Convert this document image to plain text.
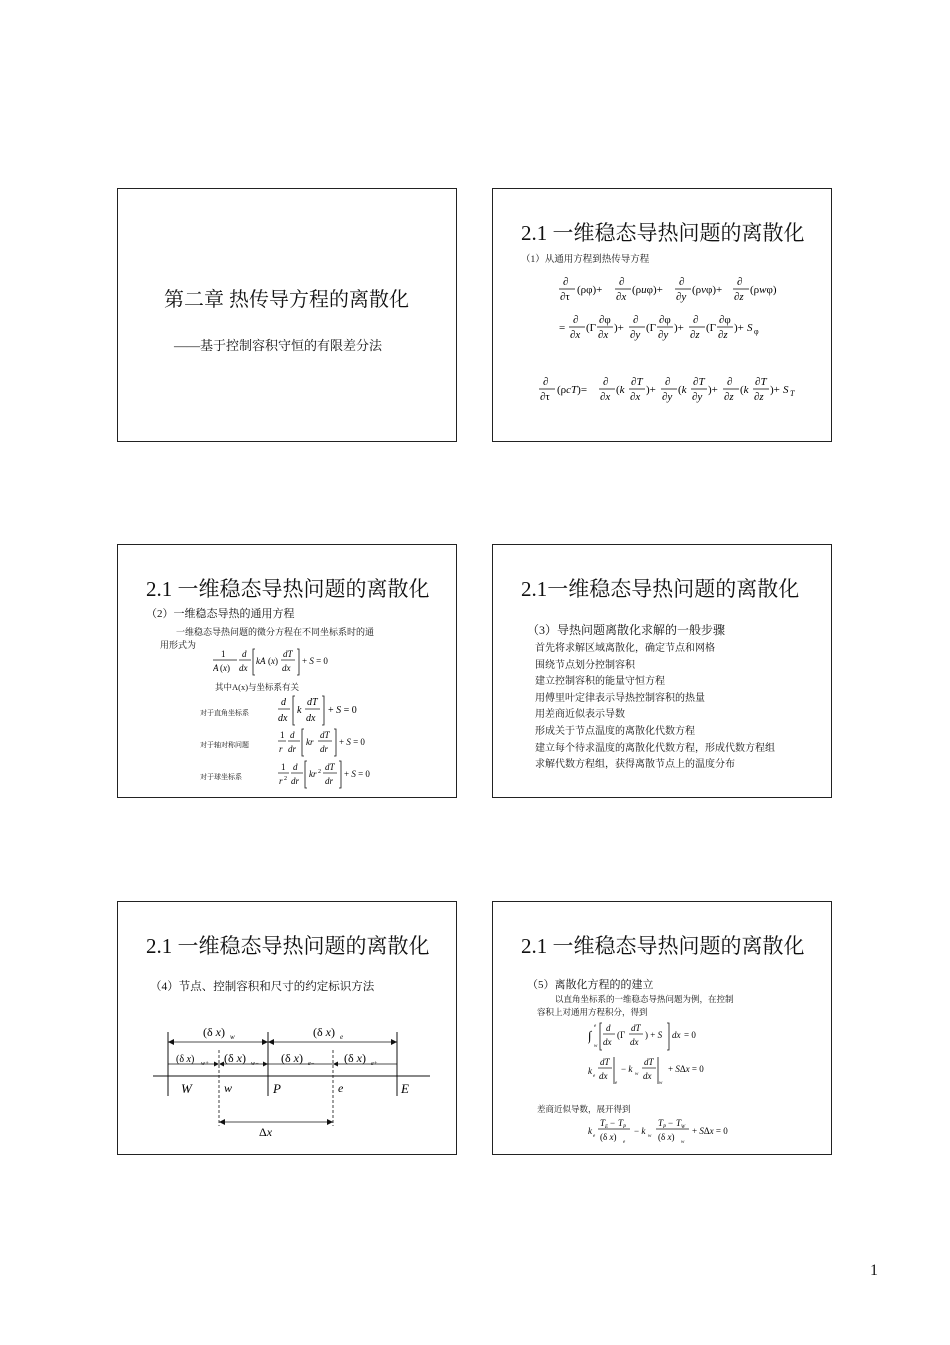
第二章 热传导方程的离散化
——基于控制容积守恒的有限差分法
2.1 一维稳态导热问题的离散化
（1）从通用方程到热传导方程
∂
∂τ
(ρφ)+
∂
∂x
(ρuφ)+
∂
∂y
(ρvφ)+
∂
∂z
(ρwφ)
=
∂
∂x
(Γ
∂φ
∂x
)+
∂
∂y
(Γ
∂φ
∂y
)+
∂
∂z
(Γ
∂φ
∂z
)+ S φ
∂
∂τ
(ρcT)=
∂
∂x
(k
∂T
∂x
)+
∂
∂y
(k
∂T
∂y
)+
∂
∂z
(k
∂T
∂z
)+ S T
2.1 一维稳态导热问题的离散化
（2）一维稳态导热的通用方程
一维稳态导热问题的微分方程在不同坐标系时的通
用形式为
1
A (x)
d
dx
kA (x)
dT
dx
+ S = 0
其中A(x)与坐标系有关
对于直角坐标系
d
dx
k
dT
dx
+ S = 0
对于轴对称问题
1
r
d
dr
kr
dT
dr
+ S = 0
对于球坐标系
1
r 2
d
dr
kr 2 dT
dr
+ S = 0
2.1一维稳态导热问题的离散化
（3）导热问题离散化求解的一般步骤
首先将求解区域离散化，确定节点和网格
围绕节点划分控制容积
建立控制容积的能量守恒方程
用傅里叶定律表示导热控制容积的热量
用差商近似表示导数
形成关于节点温度的离散化代数方程
建立每个待求温度的离散化代数方程，形成代数方程组
求解代数方程组，获得离散节点上的温度分布
2.1 一维稳态导热问题的离散化
（4）节点、控制容积和尺寸的约定标识方法
(δ x) w	(δ x) e
(δ x) w+ (δ x) w− (δ x) e− (δ x) e+
W	w	P	e	E
Δx
2.1 一维稳态导热问题的离散化
（5）离散化方程的的建立
以直角坐标系的一维稳态导热问题为例，在控制
容积上对通用方程积分，得到
∫
w
e d
dx
(Γ
dT
dx
) + S dx = 0
k
e
dT
dx
e
− k
w
dT
dx
w
+ SΔx = 0
差商近似导数，展开得到
k
e
T E − T P
(δ x)
e
− k
w
T P − T W
(δ x)
w
+ SΔx = 0
1
